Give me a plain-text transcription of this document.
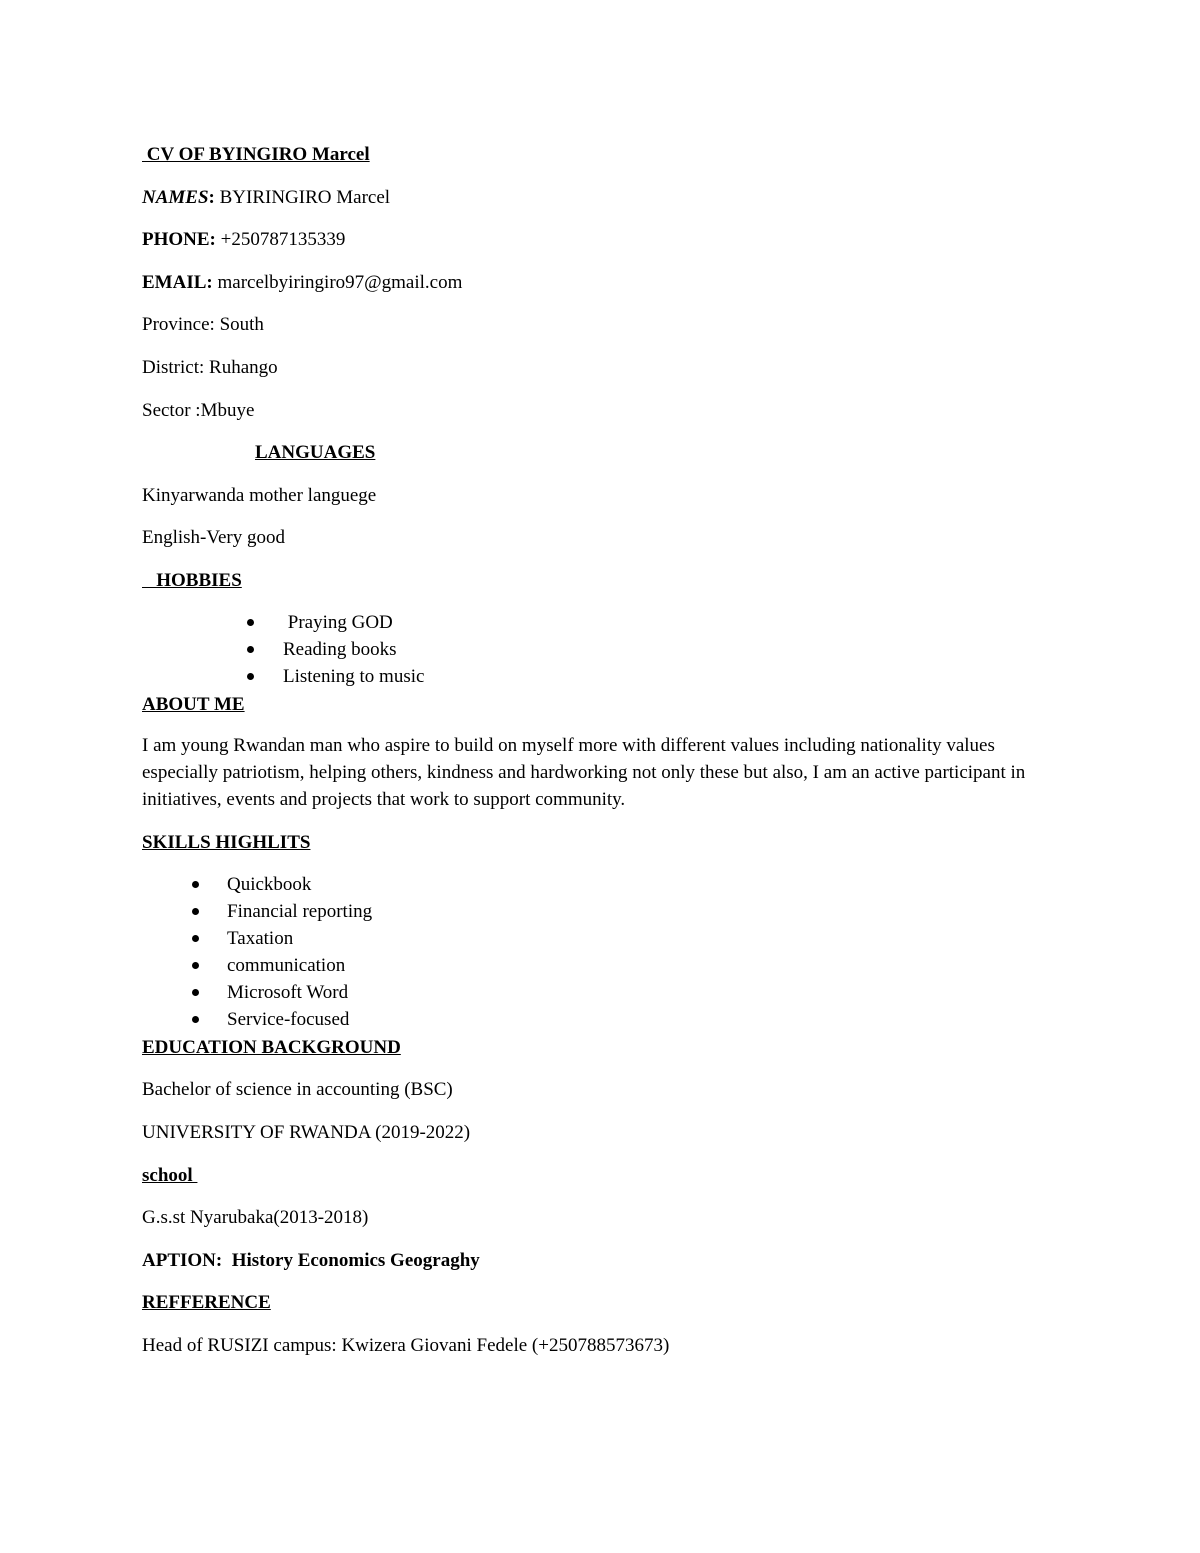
CV OF BYINGIRO Marcel
NAMES: BYIRINGIRO Marcel
PHONE: +250787135339
EMAIL: marcelbyiringiro97@gmail.com
Province: South
District: Ruhango
Sector :Mbuye
LANGUAGES
Kinyarwanda mother languege
English-Very good
HOBBIES
Praying GOD
Reading books
Listening to music
ABOUT ME
I am young Rwandan man who aspire to build on myself more with different values including nationality values especially patriotism, helping others, kindness and hardworking not only these but also, I am an active participant in initiatives, events and projects that work to support community.
SKILLS HIGHLITS
Quickbook
Financial reporting
Taxation
communication
Microsoft Word
Service-focused
EDUCATION BACKGROUND
Bachelor of science in accounting (BSC)
UNIVERSITY OF RWANDA (2019-2022)
school
G.s.st Nyarubaka(2013-2018)
APTION:  History Economics Geograghy
REFFERENCE
Head of RUSIZI campus: Kwizera Giovani Fedele (+250788573673)
